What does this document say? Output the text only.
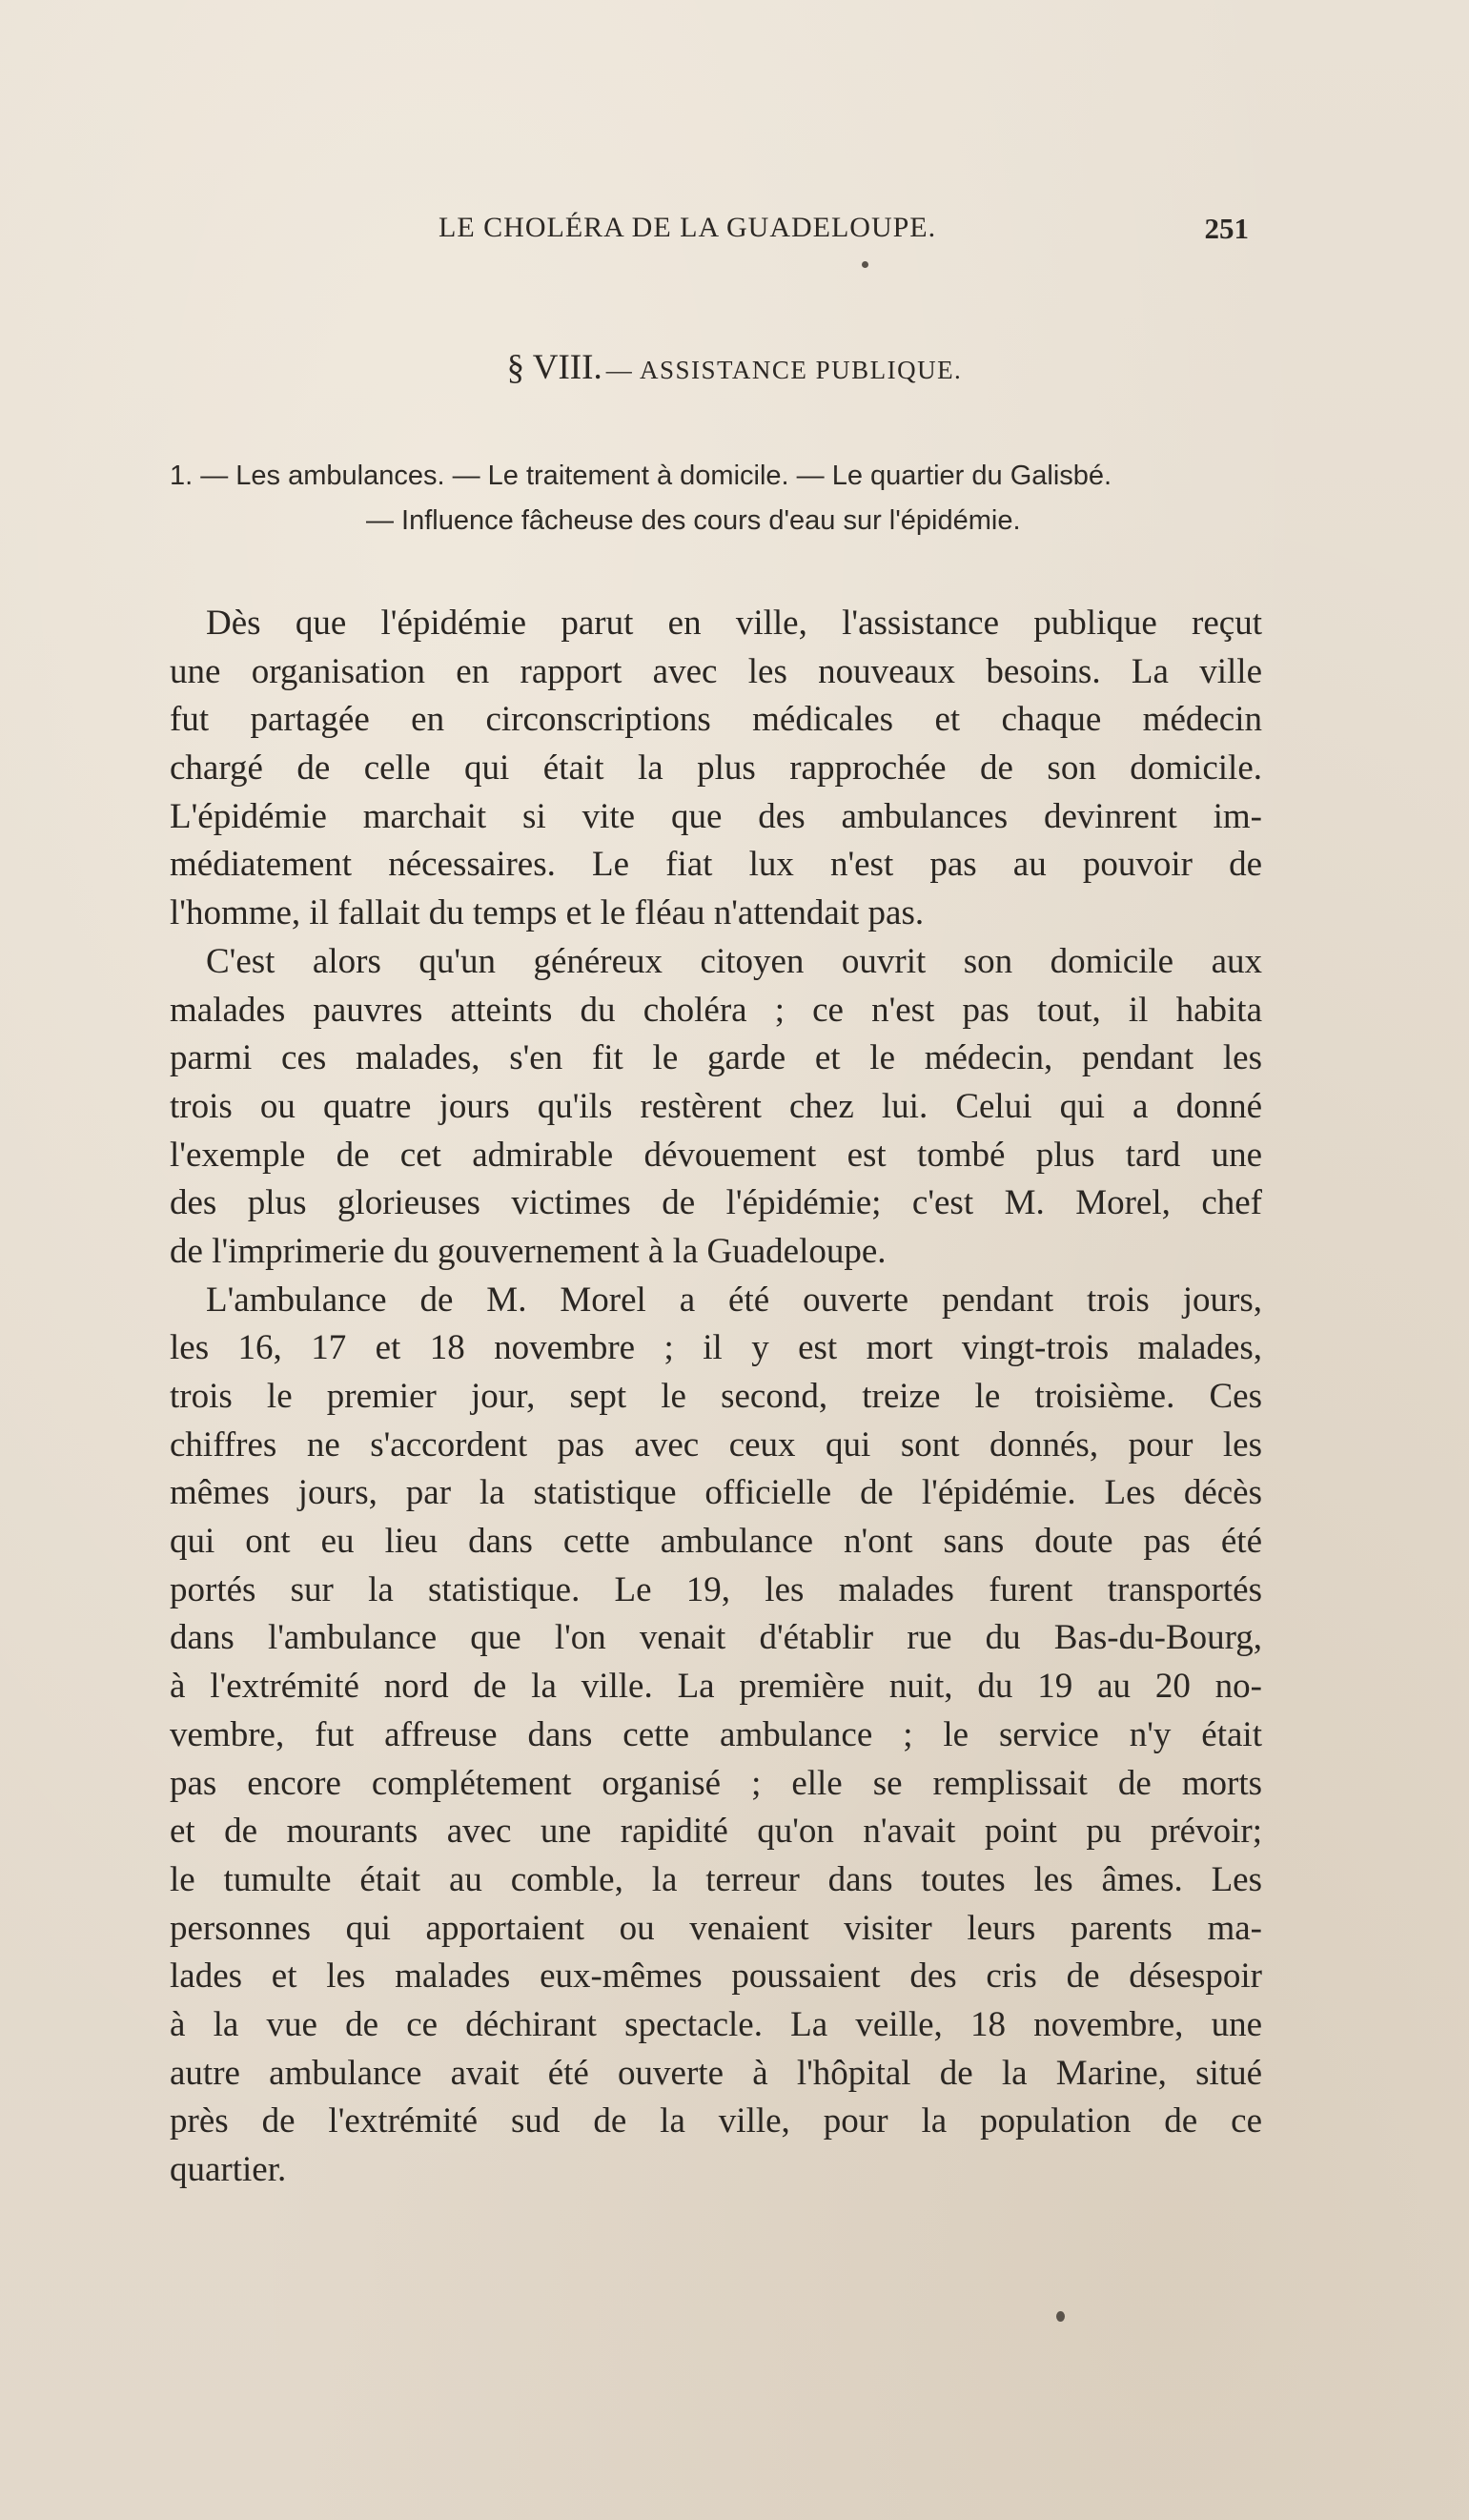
LE CHOLÉRA DE LA GUADELOUPE.	251
§ VIII. — ASSISTANCE PUBLIQUE.
1. — Les ambulances. — Le traitement à domicile. — Le quartier du Galisbé.
— Influence fâcheuse des cours d'eau sur l'épidémie.
Dès que l'épidémie parut en ville, l'assistance publique reçut
une organisation en rapport avec les nouveaux besoins. La ville
fut partagée en circonscriptions médicales et chaque médecin
chargé de celle qui était la plus rapprochée de son domicile.
L'épidémie marchait si vite que des ambulances devinrent im-
médiatement nécessaires. Le fiat lux n'est pas au pouvoir de
l'homme, il fallait du temps et le fléau n'attendait pas.
C'est alors qu'un généreux citoyen ouvrit son domicile aux
malades pauvres atteints du choléra ; ce n'est pas tout, il habita
parmi ces malades, s'en fit le garde et le médecin, pendant les
trois ou quatre jours qu'ils restèrent chez lui. Celui qui a donné
l'exemple de cet admirable dévouement est tombé plus tard une
des plus glorieuses victimes de l'épidémie; c'est M. Morel, chef
de l'imprimerie du gouvernement à la Guadeloupe.
L'ambulance de M. Morel a été ouverte pendant trois jours,
les 16, 17 et 18 novembre ; il y est mort vingt-trois malades,
trois le premier jour, sept le second, treize le troisième. Ces
chiffres ne s'accordent pas avec ceux qui sont donnés, pour les
mêmes jours, par la statistique officielle de l'épidémie. Les décès
qui ont eu lieu dans cette ambulance n'ont sans doute pas été
portés sur la statistique. Le 19, les malades furent transportés
dans l'ambulance que l'on venait d'établir rue du Bas-du-Bourg,
à l'extrémité nord de la ville. La première nuit, du 19 au 20 no-
vembre, fut affreuse dans cette ambulance ; le service n'y était
pas encore complétement organisé ; elle se remplissait de morts
et de mourants avec une rapidité qu'on n'avait point pu prévoir;
le tumulte était au comble, la terreur dans toutes les âmes. Les
personnes qui apportaient ou venaient visiter leurs parents ma-
lades et les malades eux-mêmes poussaient des cris de désespoir
à la vue de ce déchirant spectacle. La veille, 18 novembre, une
autre ambulance avait été ouverte à l'hôpital de la Marine, situé
près de l'extrémité sud de la ville, pour la population de ce
quartier.
